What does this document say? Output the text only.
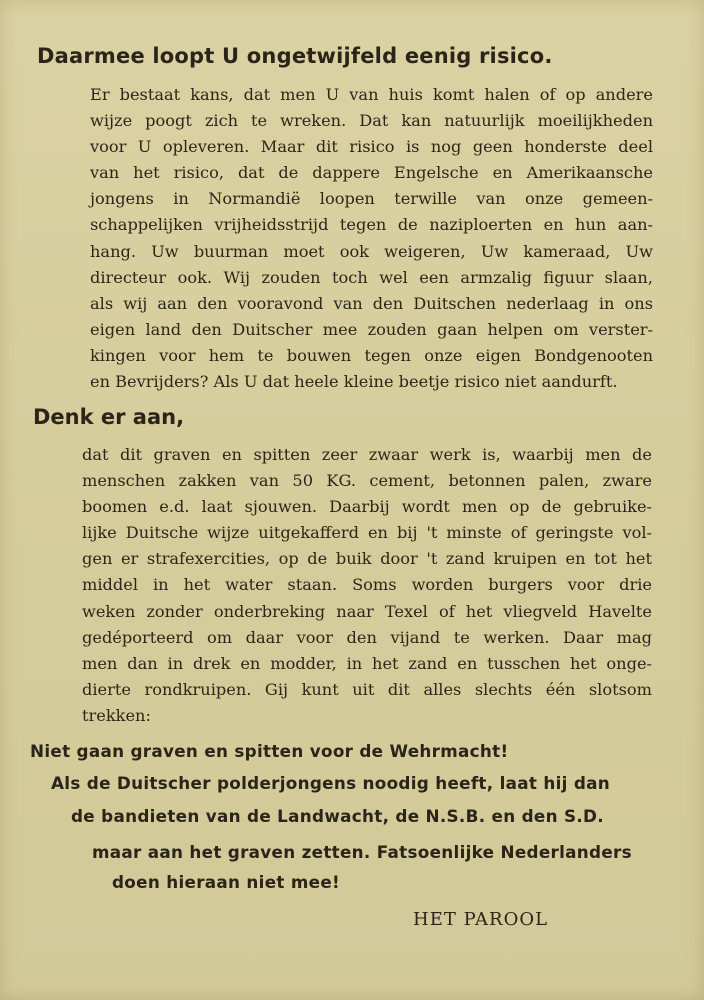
Daarmee loopt U ongetwijfeld eenig risico.
Er bestaat kans, dat men U van huis komt halen of op andere
wijze poogt zich te wreken. Dat kan natuurlijk moeilijkheden
voor U opleveren. Maar dit risico is nog geen honderste deel
van het risico, dat de dappere Engelsche en Amerikaansche
jongens in Normandië loopen terwille van onze gemeen-
schappelijken vrijheidsstrijd tegen de naziploerten en hun aan-
hang. Uw buurman moet ook weigeren, Uw kameraad, Uw
directeur ook. Wij zouden toch wel een armzalig figuur slaan,
als wij aan den vooravond van den Duitschen nederlaag in ons
eigen land den Duitscher mee zouden gaan helpen om verster-
kingen voor hem te bouwen tegen onze eigen Bondgenooten
en Bevrijders? Als U dat heele kleine beetje risico niet aandurft.
Denk er aan,
dat dit graven en spitten zeer zwaar werk is, waarbij men de
menschen zakken van 50 KG. cement, betonnen palen, zware
boomen e.d. laat sjouwen. Daarbij wordt men op de gebruike-
lijke Duitsche wijze uitgekafferd en bij 't minste of geringste vol-
gen er strafexercities, op de buik door 't zand kruipen en tot het
middel in het water staan. Soms worden burgers voor drie
weken zonder onderbreking naar Texel of het vliegveld Havelte
gedéporteerd om daar voor den vijand te werken. Daar mag
men dan in drek en modder, in het zand en tusschen het onge-
dierte rondkruipen. Gij kunt uit dit alles slechts één slotsom
trekken:
Niet gaan graven en spitten voor de Wehrmacht!
Als de Duitscher polderjongens noodig heeft, laat hij dan
de bandieten van de Landwacht, de N.S.B. en den S.D.
maar aan het graven zetten. Fatsoenlijke Nederlanders
doen hieraan niet mee!
HET PAROOL
